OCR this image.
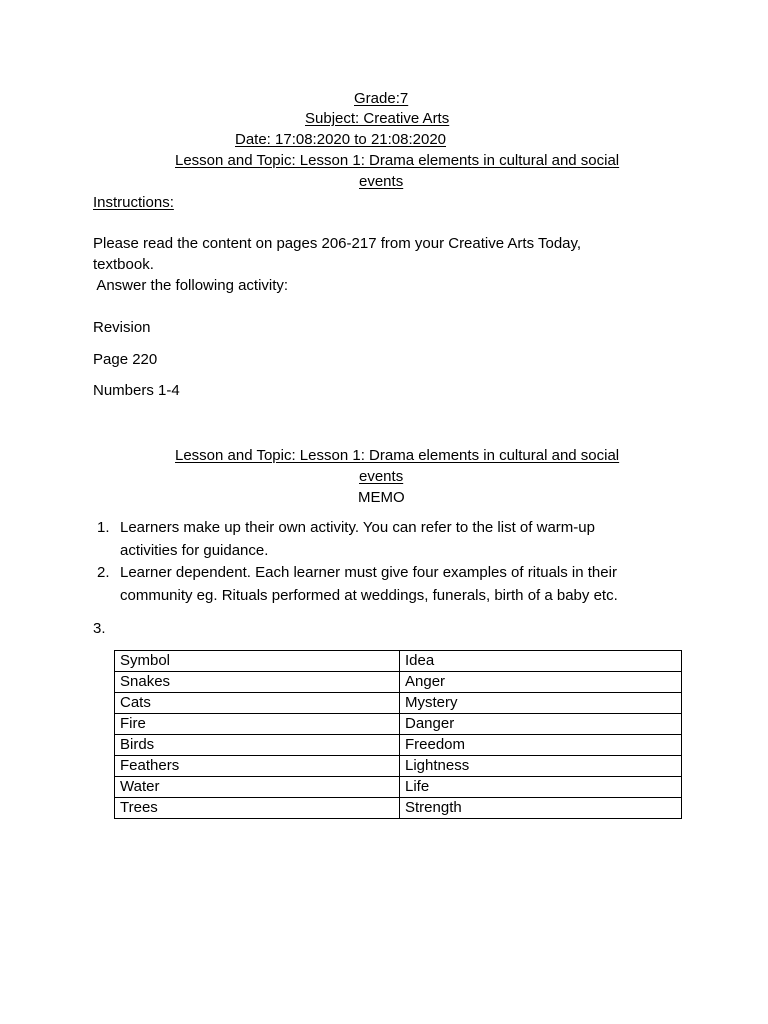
Grade:7
Subject: Creative Arts
Date: 17:08:2020 to 21:08:2020
Lesson and Topic: Lesson 1: Drama elements in cultural and social
events
Instructions:
Please read the content on pages 206-217 from your Creative Arts Today,
textbook.
Answer the following activity:
Revision
Page 220
Numbers 1-4
Lesson and Topic: Lesson 1: Drama elements in cultural and social
events
MEMO
1. Learners make up their own activity. You can refer to the list of warm-up
activities for guidance.
2. Learner dependent. Each learner must give four examples of rituals in their
community eg. Rituals performed at weddings, funerals, birth of a baby etc.
3.
Symbol	Idea
Snakes	Anger
Cats	Mystery
Fire	Danger
Birds	Freedom
Feathers	Lightness
Water	Life
Trees	Strength
